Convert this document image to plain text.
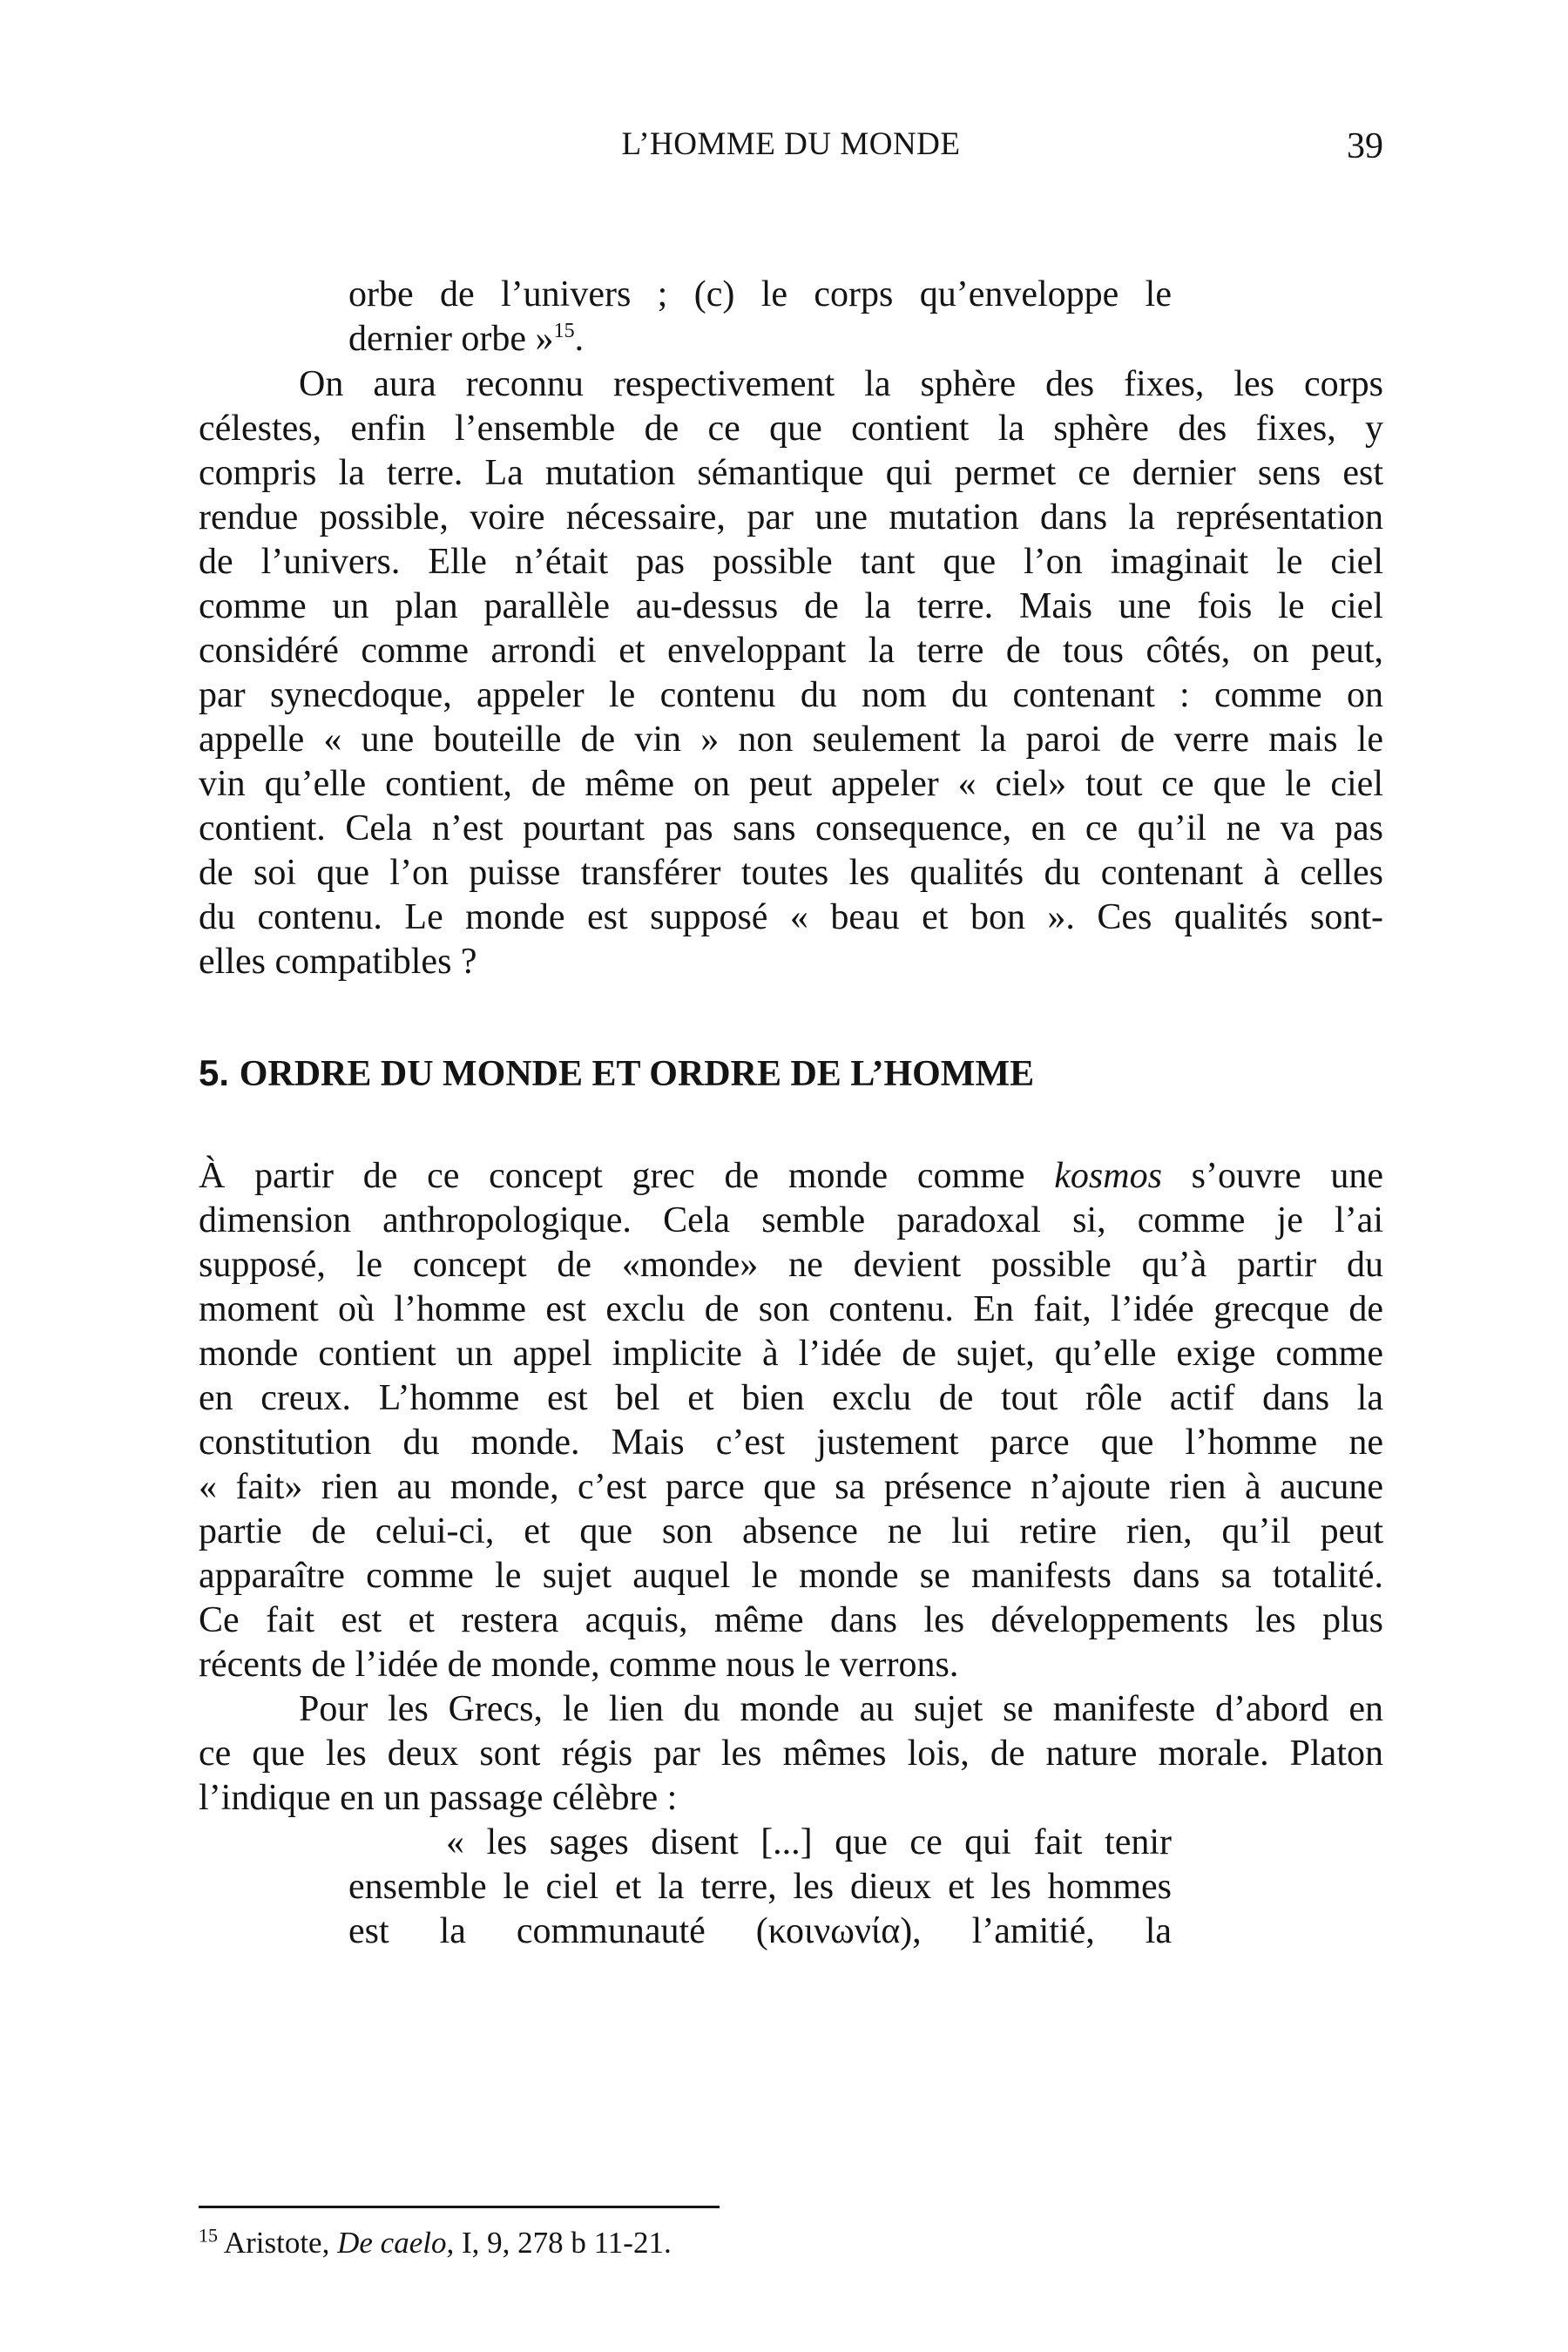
L’HOMME DU MONDE	39
orbe de l’univers ; (c) le corps qu’enveloppe le
dernier orbe »$^{15}$.
On aura reconnu respectivement la sphère des fixes, les corps
célestes, enfin l’ensemble de ce que contient la sphère des fixes, y
compris la terre. La mutation sémantique qui permet ce dernier sens est
rendue possible, voire nécessaire, par une mutation dans la représentation
de l’univers. Elle n’était pas possible tant que l’on imaginait le ciel
comme un plan parallèle au-dessus de la terre. Mais une fois le ciel
considéré comme arrondi et enveloppant la terre de tous côtés, on peut,
par synecdoque, appeler le contenu du nom du contenant : comme on
appelle « une bouteille de vin » non seulement la paroi de verre mais le
vin qu’elle contient, de même on peut appeler « ciel» tout ce que le ciel
contient. Cela n’est pourtant pas sans consequence, en ce qu’il ne va pas
de soi que l’on puisse transférer toutes les qualités du contenant à celles
du contenu. Le monde est supposé « beau et bon ». Ces qualités sont-
elles compatibles ?
5. ORDRE DU MONDE ET ORDRE DE L’HOMME
À partir de ce concept grec de monde comme kosmos s’ouvre une
dimension anthropologique. Cela semble paradoxal si, comme je l’ai
supposé, le concept de «monde» ne devient possible qu’à partir du
moment où l’homme est exclu de son contenu. En fait, l’idée grecque de
monde contient un appel implicite à l’idée de sujet, qu’elle exige comme
en creux. L’homme est bel et bien exclu de tout rôle actif dans la
constitution du monde. Mais c’est justement parce que l’homme ne
« fait» rien au monde, c’est parce que sa présence n’ajoute rien à aucune
partie de celui-ci, et que son absence ne lui retire rien, qu’il peut
apparaître comme le sujet auquel le monde se manifests dans sa totalité.
Ce fait est et restera acquis, même dans les développements les plus
récents de l’idée de monde, comme nous le verrons.
Pour les Grecs, le lien du monde au sujet se manifeste d’abord en
ce que les deux sont régis par les mêmes lois, de nature morale. Platon
l’indique en un passage célèbre :
« les sages disent [...] que ce qui fait tenir
ensemble le ciel et la terre, les dieux et les hommes
est la communauté (κοινωνία), l’amitié, la
$^{15}$ Aristote, De caelo, I, 9, 278 b 11-21.
